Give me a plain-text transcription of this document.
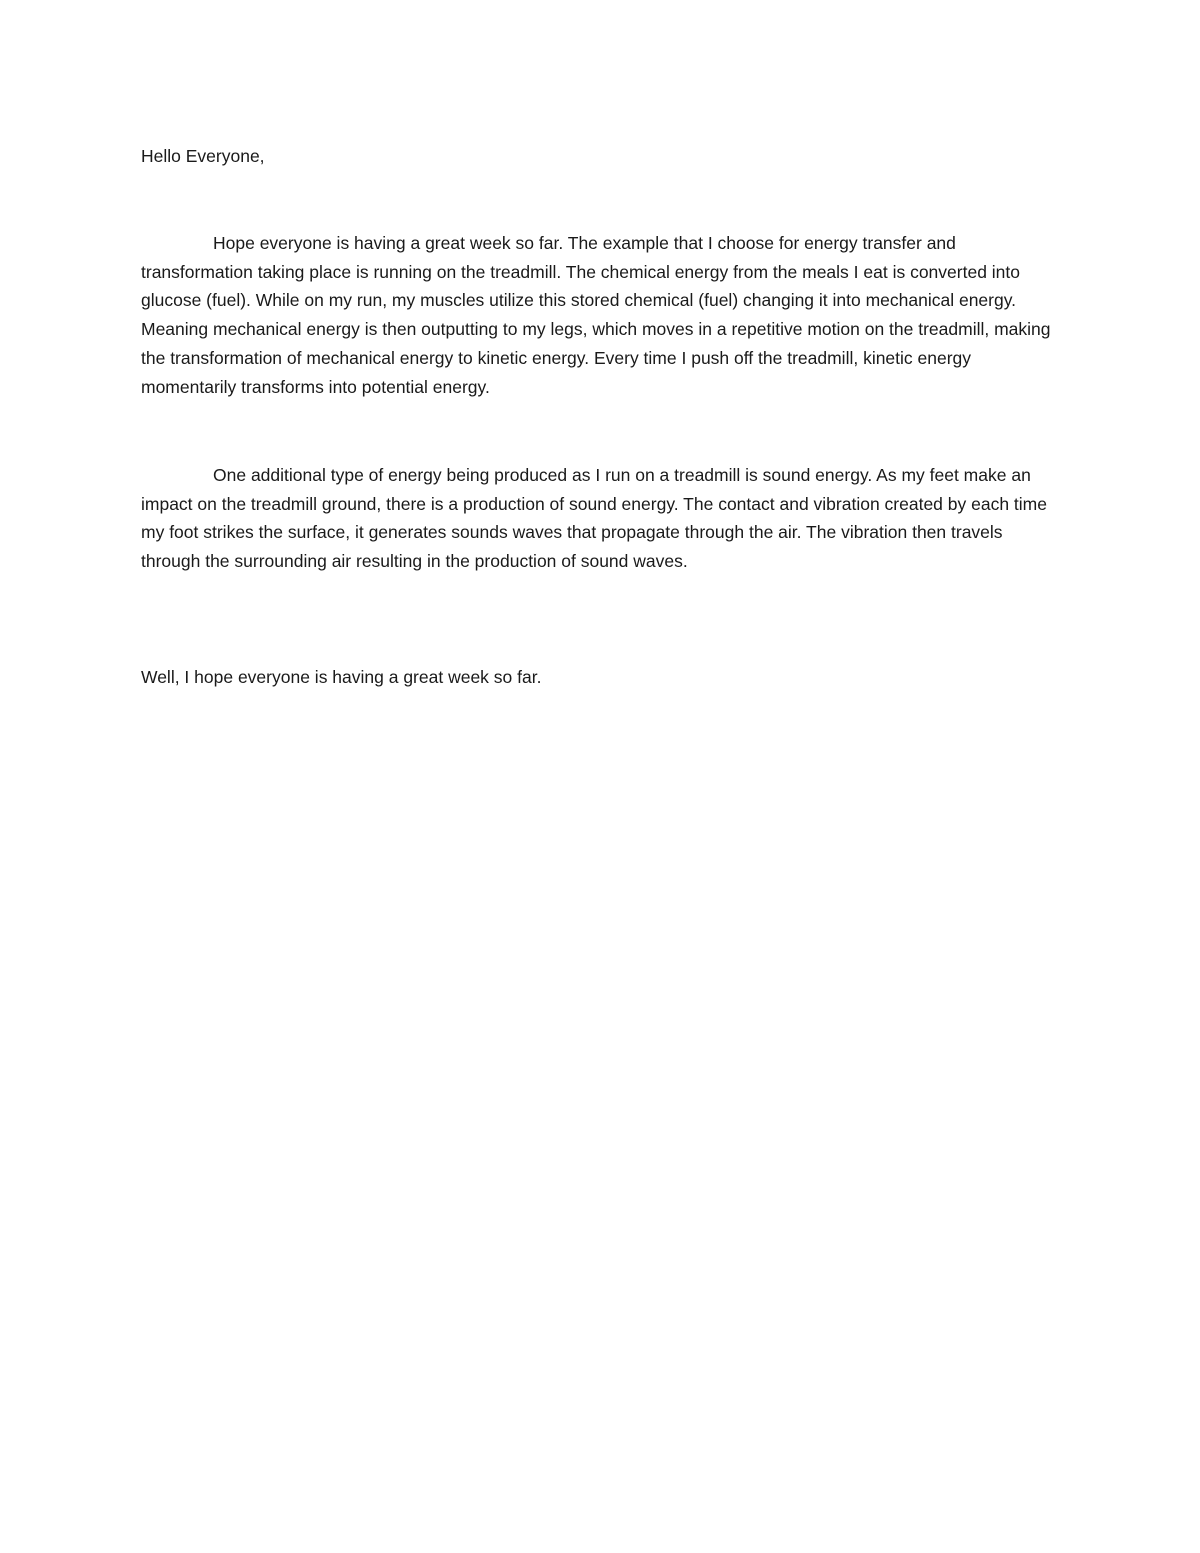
Hello Everyone,

Hope everyone is having a great week so far. The example that I choose for energy transfer and transformation taking place is running on the treadmill. The chemical energy from the meals I eat is converted into glucose (fuel). While on my run, my muscles utilize this stored chemical (fuel) changing it into mechanical energy. Meaning mechanical energy is then outputting to my legs, which moves in a repetitive motion on the treadmill, making the transformation of mechanical energy to kinetic energy. Every time I push off the treadmill, kinetic energy momentarily transforms into potential energy.

One additional type of energy being produced as I run on a treadmill is sound energy. As my feet make an impact on the treadmill ground, there is a production of sound energy. The contact and vibration created by each time my foot strikes the surface, it generates sounds waves that propagate through the air. The vibration then travels through the surrounding air resulting in the production of sound waves.

Well, I hope everyone is having a great week so far.
